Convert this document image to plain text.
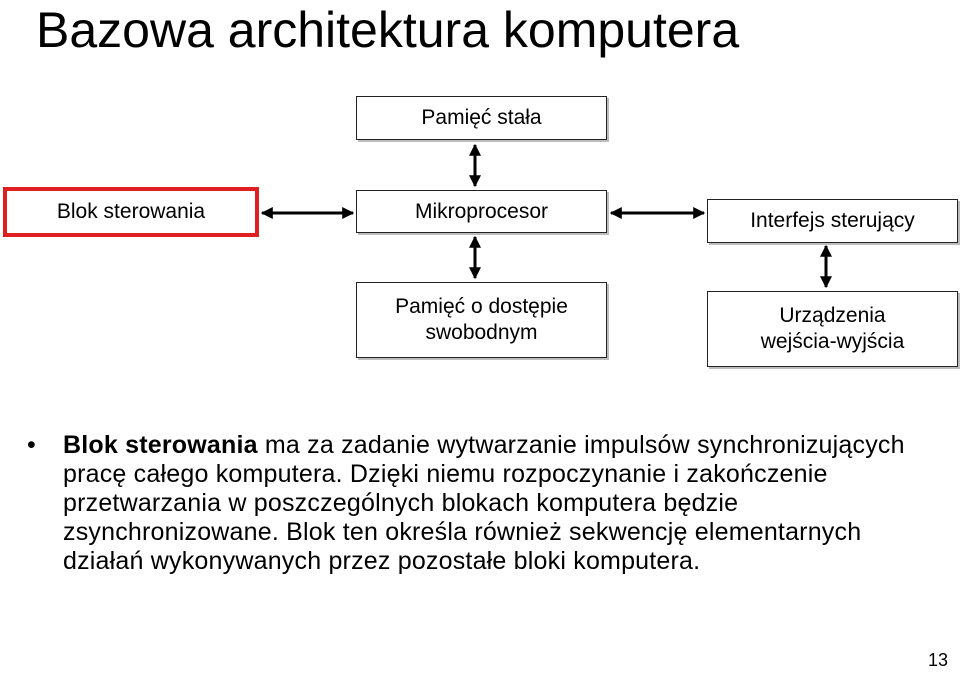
Bazowa architektura komputera
Pamięć stała
Mikroprocesor
Blok sterowania	Interfejs sterujący
Pamięć o dostępie
swobodnym
Urządzenia
wejścia-wyjścia
•	Blok sterowania ma za zadanie wytwarzanie impulsów synchronizujących pracę całego komputera. Dzięki niemu rozpoczynanie i zakończenie przetwarzania w poszczególnych blokach komputera będzie zsynchronizowane. Blok ten określa również sekwencję elementarnych działań wykonywanych przez pozostałe bloki komputera.
13
